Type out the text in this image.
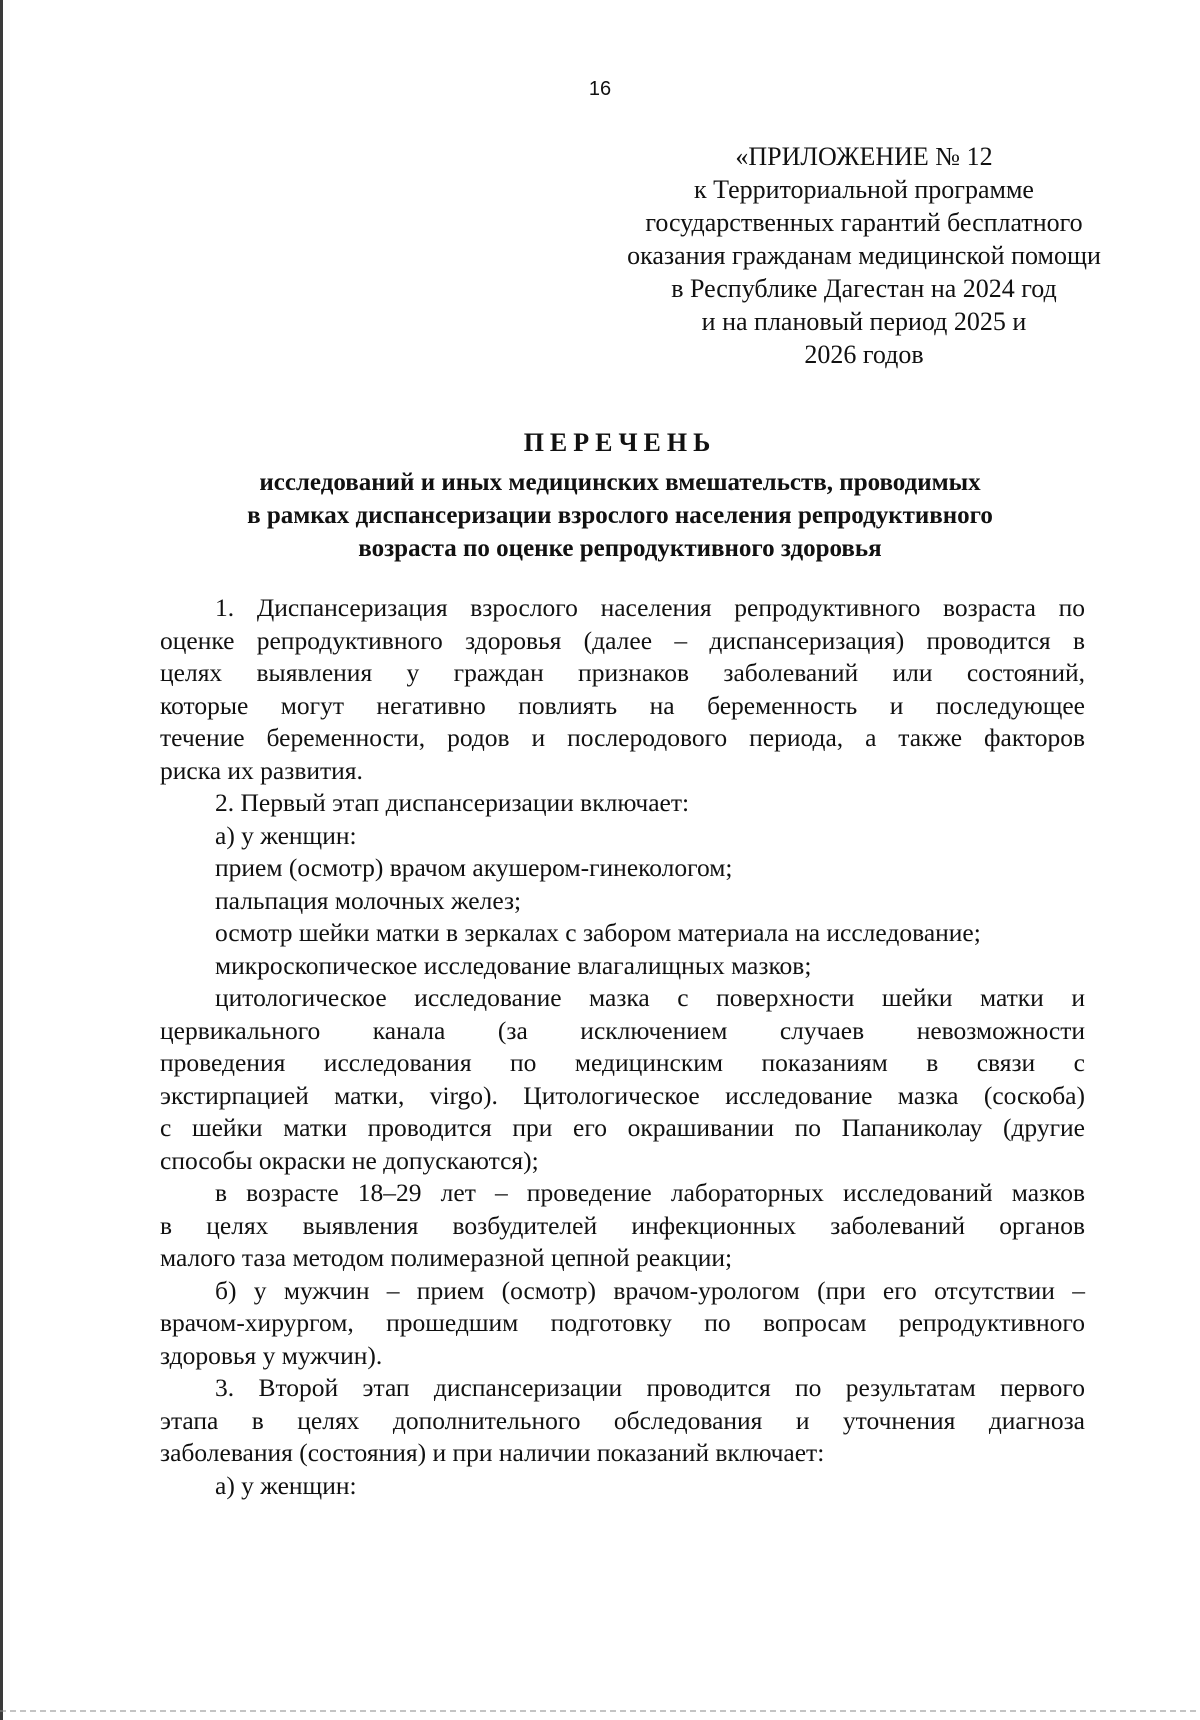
16
«ПРИЛОЖЕНИЕ № 12
к Территориальной программе
государственных гарантий бесплатного
оказания гражданам медицинской помощи
в Республике Дагестан на 2024 год
и на плановый период 2025 и
2026 годов
ПЕРЕЧЕНЬ
исследований и иных медицинских вмешательств, проводимых
в рамках диспансеризации взрослого населения репродуктивного
возраста по оценке репродуктивного здоровья
1. Диспансеризация взрослого населения репродуктивного возраста по
оценке репродуктивного здоровья (далее – диспансеризация) проводится в
целях выявления у граждан признаков заболеваний или состояний,
которые могут негативно повлиять на беременность и последующее
течение беременности, родов и послеродового периода, а также факторов
риска их развития.
2. Первый этап диспансеризации включает:
а) у женщин:
прием (осмотр) врачом акушером-гинекологом;
пальпация молочных желез;
осмотр шейки матки в зеркалах с забором материала на исследование;
микроскопическое исследование влагалищных мазков;
цитологическое исследование мазка с поверхности шейки матки и
цервикального канала (за исключением случаев невозможности
проведения исследования по медицинским показаниям в связи с
экстирпацией матки, virgo). Цитологическое исследование мазка (соскоба)
с шейки матки проводится при его окрашивании по Папаниколау (другие
способы окраски не допускаются);
в возрасте 18–29 лет – проведение лабораторных исследований мазков
в целях выявления возбудителей инфекционных заболеваний органов
малого таза методом полимеразной цепной реакции;
б) у мужчин – прием (осмотр) врачом-урологом (при его отсутствии –
врачом-хирургом, прошедшим подготовку по вопросам репродуктивного
здоровья у мужчин).
3. Второй этап диспансеризации проводится по результатам первого
этапа в целях дополнительного обследования и уточнения диагноза
заболевания (состояния) и при наличии показаний включает:
а) у женщин:
